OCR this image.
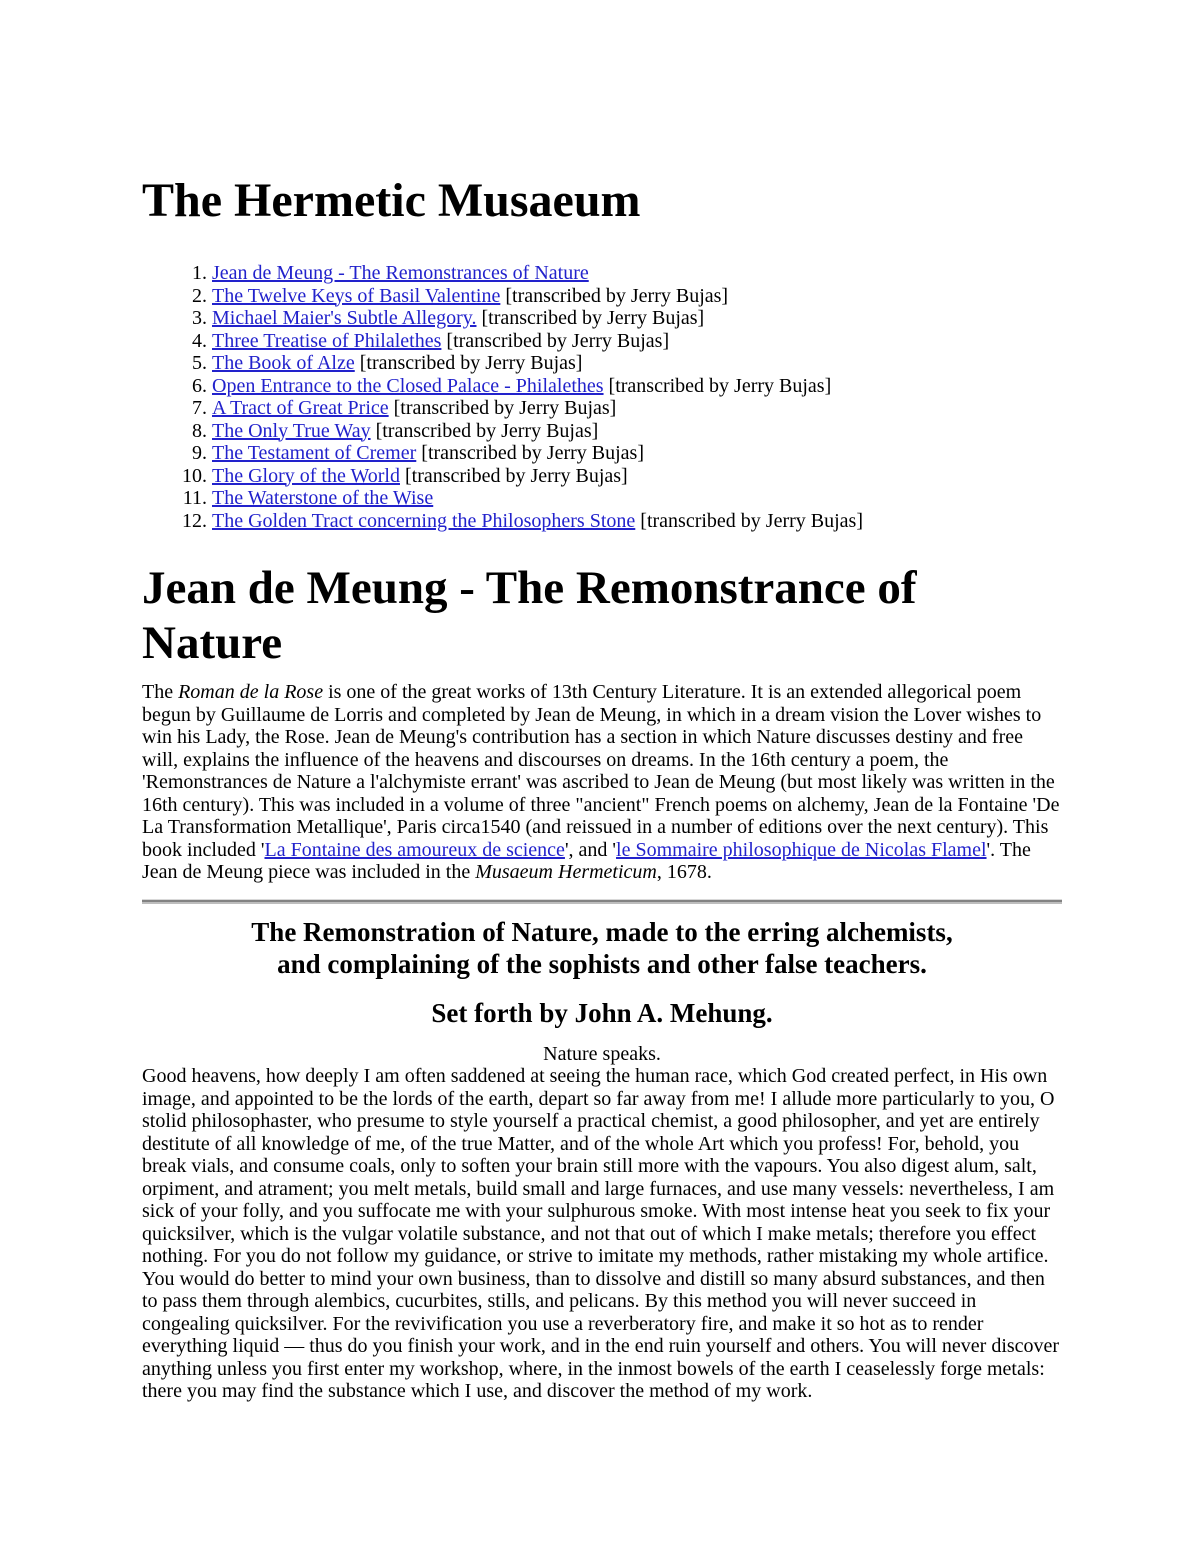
The Hermetic Musaeum
1. Jean de Meung - The Remonstrances of Nature
2. The Twelve Keys of Basil Valentine [transcribed by Jerry Bujas]
3. Michael Maier's Subtle Allegory. [transcribed by Jerry Bujas]
4. Three Treatise of Philalethes [transcribed by Jerry Bujas]
5. The Book of Alze [transcribed by Jerry Bujas]
6. Open Entrance to the Closed Palace - Philalethes [transcribed by Jerry Bujas]
7. A Tract of Great Price [transcribed by Jerry Bujas]
8. The Only True Way [transcribed by Jerry Bujas]
9. The Testament of Cremer [transcribed by Jerry Bujas]
10. The Glory of the World [transcribed by Jerry Bujas]
11. The Waterstone of the Wise
12. The Golden Tract concerning the Philosophers Stone [transcribed by Jerry Bujas]
Jean de Meung - The Remonstrance of Nature

The Roman de la Rose is one of the great works of 13th Century Literature. It is an extended allegorical poem begun by Guillaume de Lorris and completed by Jean de Meung, in which in a dream vision the Lover wishes to win his Lady, the Rose. Jean de Meung's contribution has a section in which Nature discusses destiny and free will, explains the influence of the heavens and discourses on dreams. In the 16th century a poem, the 'Remonstrances de Nature a l'alchymiste errant' was ascribed to Jean de Meung (but most likely was written in the 16th century). This was included in a volume of three "ancient" French poems on alchemy, Jean de la Fontaine 'De La Transformation Metallique', Paris circa1540 (and reissued in a number of editions over the next century). This book included 'La Fontaine des amoureux de science', and 'le Sommaire philosophique de Nicolas Flamel'. The Jean de Meung piece was included in the Musaeum Hermeticum, 1678.

The Remonstration of Nature, made to the erring alchemists,
and complaining of the sophists and other false teachers.
Set forth by John A. Mehung.
Nature speaks.

Good heavens, how deeply I am often saddened at seeing the human race, which God created perfect, in His own image, and appointed to be the lords of the earth, depart so far away from me! I allude more particularly to you, O stolid philosophaster, who presume to style yourself a practical chemist, a good philosopher, and yet are entirely destitute of all knowledge of me, of the true Matter, and of the whole Art which you profess! For, behold, you break vials, and consume coals, only to soften your brain still more with the vapours. You also digest alum, salt, orpiment, and atrament; you melt metals, build small and large furnaces, and use many vessels: nevertheless, I am sick of your folly, and you suffocate me with your sulphurous smoke. With most intense heat you seek to fix your quicksilver, which is the vulgar volatile substance, and not that out of which I make metals; therefore you effect nothing. For you do not follow my guidance, or strive to imitate my methods, rather mistaking my whole artifice. You would do better to mind your own business, than to dissolve and distill so many absurd substances, and then to pass them through alembics, cucurbites, stills, and pelicans. By this method you will never succeed in congealing quicksilver. For the revivification you use a reverberatory fire, and make it so hot as to render everything liquid — thus do you finish your work, and in the end ruin yourself and others. You will never discover anything unless you first enter my workshop, where, in the inmost bowels of the earth I ceaselessly forge metals: there you may find the substance which I use, and discover the method of my work.
